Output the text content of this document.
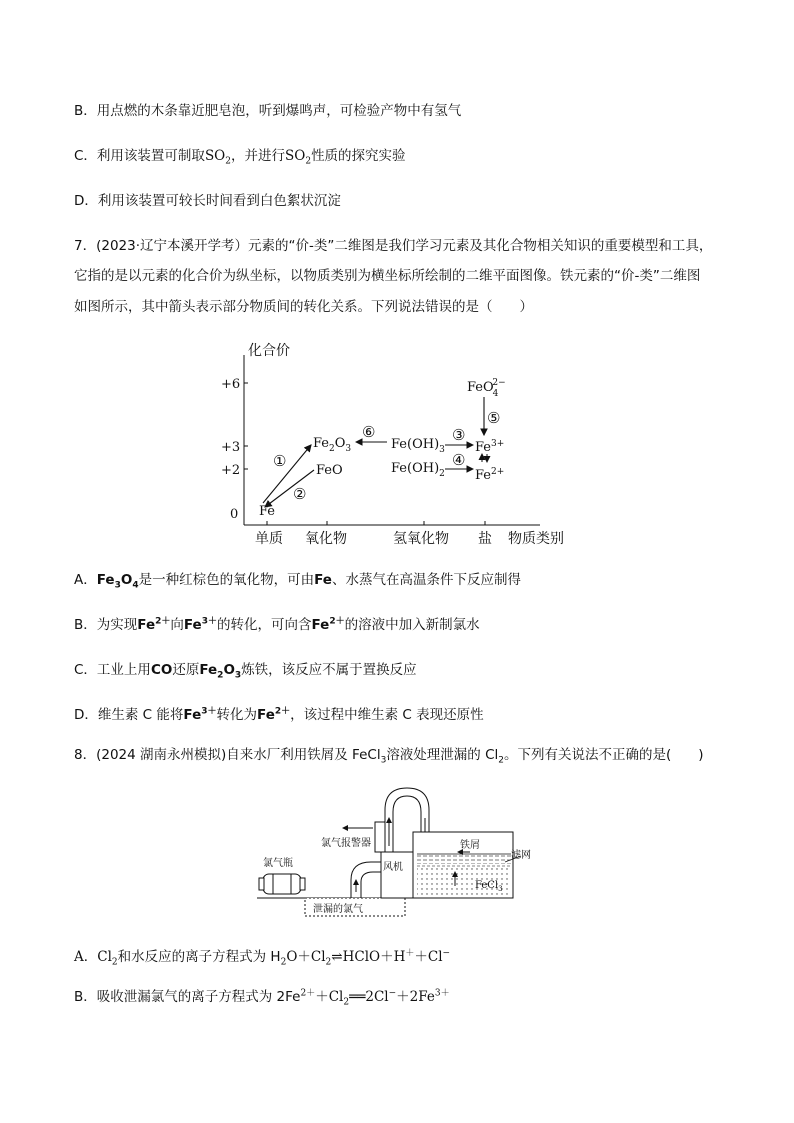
B．用点燃的木条靠近肥皂泡，听到爆鸣声，可检验产物中有氢气
C．利用该装置可制取$SO_2$，并进行$SO_2$性质的探究实验
D．利用该装置可较长时间看到白色絮状沉淀
7．(2023·辽宁本溪开学考）元素的“价-类”二维图是我们学习元素及其化合物相关知识的重要模型和工具，
它指的是以元素的化合价为纵坐标，以物质类别为横坐标所绘制的二维平面图像。铁元素的“价-类”二维图
如图所示，其中箭头表示部分物质间的转化关系。下列说法错误的是（　　）
化合价
+6
+3
+2
0
单质 氧化物	氢氧化物 盐 物质类别
Fe
$Fe_2O_3$
FeO
$Fe(OH)_3$
$Fe(OH)_2$
$Fe^{3+}$
$Fe^{2+}$
FeO42−
①
②
⑥	③
④
⑤
A．$Fe_3O_4$是一种红棕色的氧化物，可由Fe、水蒸气在高温条件下反应制得
B．为实现$Fe^{2+}$向$Fe^{3+}$的转化，可向含$Fe^{2+}$的溶液中加入新制氯水
C．工业上用CO还原$Fe_2O_3$炼铁，该反应不属于置换反应
D．维生素 C 能将$Fe^{3+}$转化为$Fe^{2+}$，该过程中维生素 C 表现还原性
8．(2024 湖南永州模拟)自来水厂利用铁屑及 FeCl$_3$溶液处理泄漏的 $Cl_2$。下列有关说法不正确的是(　　)
氯气瓶
泄漏的氯气
风机
氯气报警器	铁屑
滤网
FeCl$_3$
A．$Cl_2$和水反应的离子方程式为 $H_2O+Cl_2\rightleftharpoons HClO+H^++Cl^-$
B．吸收泄漏氯气的离子方程式为 $2Fe^{2+}+Cl_2══2Cl^-+2Fe^{3+}$
